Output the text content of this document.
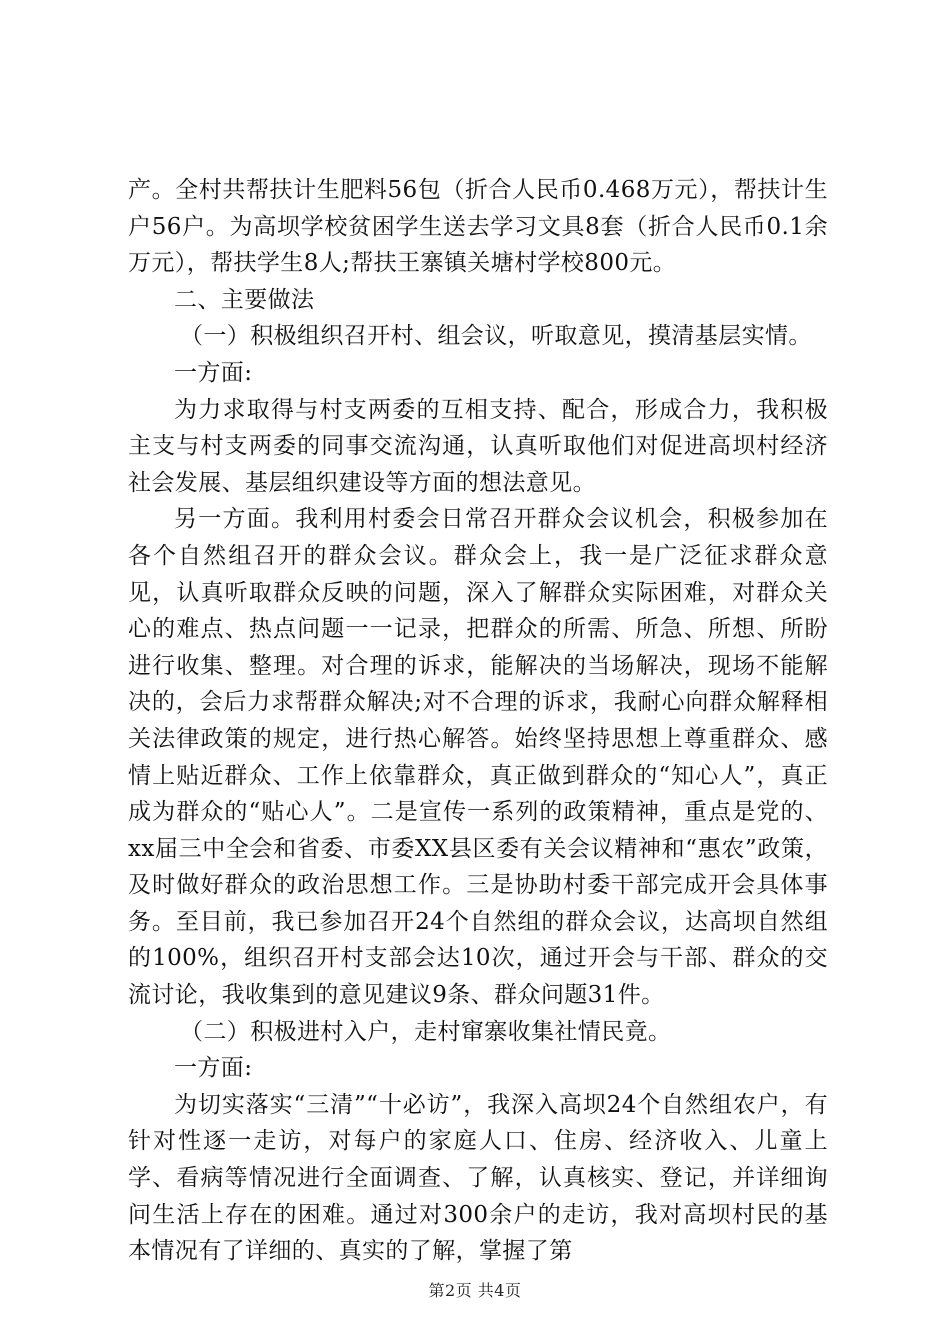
产。全村共帮扶计生肥料56包（折合人民币0.468万元），帮扶计生户56户。为高坝学校贫困学生送去学习文具8套（折合人民币0.1余万元），帮扶学生8人;帮扶王寨镇关塘村学校800元。

二、主要做法

（一）积极组织召开村、组会议，听取意见，摸清基层实情。

一方面:

为力求取得与村支两委的互相支持、配合，形成合力，我积极主支与村支两委的同事交流沟通，认真听取他们对促进高坝村经济社会发展、基层组织建设等方面的想法意见。

另一方面。我利用村委会日常召开群众会议机会，积极参加在各个自然组召开的群众会议。群众会上，我一是广泛征求群众意见，认真听取群众反映的问题，深入了解群众实际困难，对群众关心的难点、热点问题一一记录，把群众的所需、所急、所想、所盼进行收集、整理。对合理的诉求，能解决的当场解决，现场不能解决的，会后力求帮群众解决;对不合理的诉求，我耐心向群众解释相关法律政策的规定，进行热心解答。始终坚持思想上尊重群众、感情上贴近群众、工作上依靠群众，真正做到群众的“知心人”，真正成为群众的“贴心人”。二是宣传一系列的政策精神，重点是党的、xx届三中全会和省委、市委XX县区委有关会议精神和“惠农”政策，及时做好群众的政治思想工作。三是协助村委干部完成开会具体事务。至目前，我已参加召开24个自然组的群众会议，达高坝自然组的100%，组织召开村支部会达10次，通过开会与干部、群众的交流讨论，我收集到的意见建议9条、群众问题31件。

（二）积极进村入户，走村窜寨收集社情民竟。

一方面:

为切实落实“三清”“十必访”，我深入高坝24个自然组农户，有针对性逐一走访，对每户的家庭人口、住房、经济收入、儿童上学、看病等情况进行全面调查、了解，认真核实、登记，并详细询问生活上存在的困难。通过对300余户的走访，我对高坝村民的基本情况有了详细的、真实的了解，掌握了第

第2页 共4页
